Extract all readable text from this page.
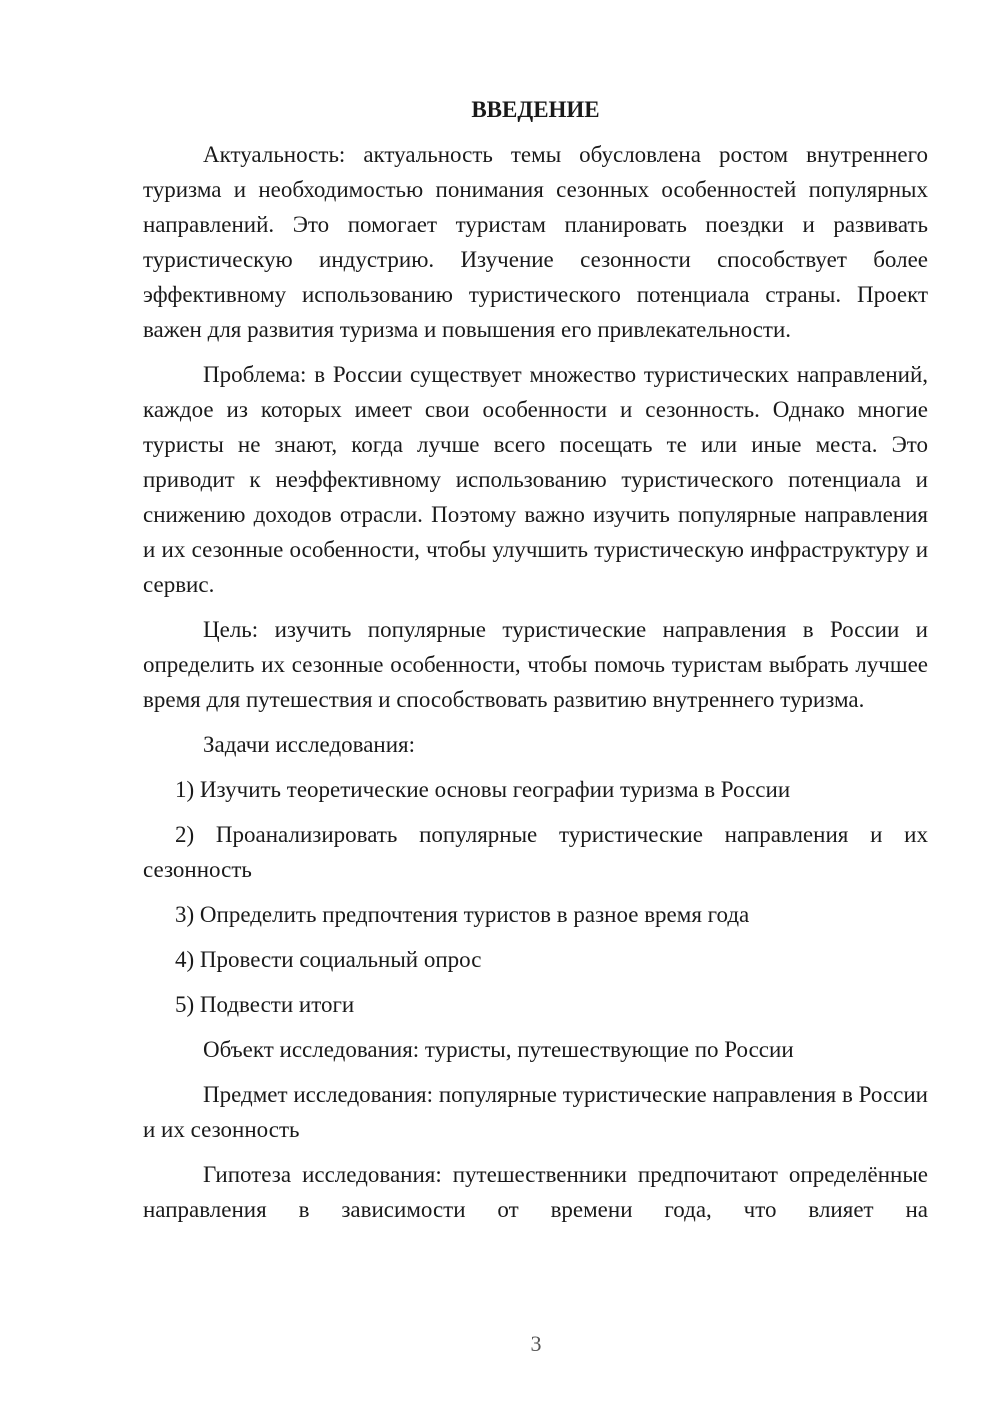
ВВЕДЕНИЕ

Актуальность: актуальность темы обусловлена ростом внутреннего туризма и необходимостью понимания сезонных особенностей популярных направлений. Это помогает туристам планировать поездки и развивать туристическую индустрию. Изучение сезонности способствует более эффективному использованию туристического потенциала страны. Проект важен для развития туризма и повышения его привлекательности.

Проблема: в России существует множество туристических направлений, каждое из которых имеет свои особенности и сезонность. Однако многие туристы не знают, когда лучше всего посещать те или иные места. Это приводит к неэффективному использованию туристического потенциала и снижению доходов отрасли. Поэтому важно изучить популярные направления и их сезонные особенности, чтобы улучшить туристическую инфраструктуру и сервис.

Цель: изучить популярные туристические направления в России и определить их сезонные особенности, чтобы помочь туристам выбрать лучшее время для путешествия и способствовать развитию внутреннего туризма.

Задачи исследования:

1) Изучить теоретические основы географии туризма в России

2) Проанализировать популярные туристические направления и их сезонность

3) Определить предпочтения туристов в разное время года

4) Провести социальный опрос

5) Подвести итоги

Объект исследования: туристы, путешествующие по России

Предмет исследования: популярные туристические направления в России и их сезонность

Гипотеза исследования: путешественники предпочитают определённые направления в зависимости от времени года, что влияет на

3
